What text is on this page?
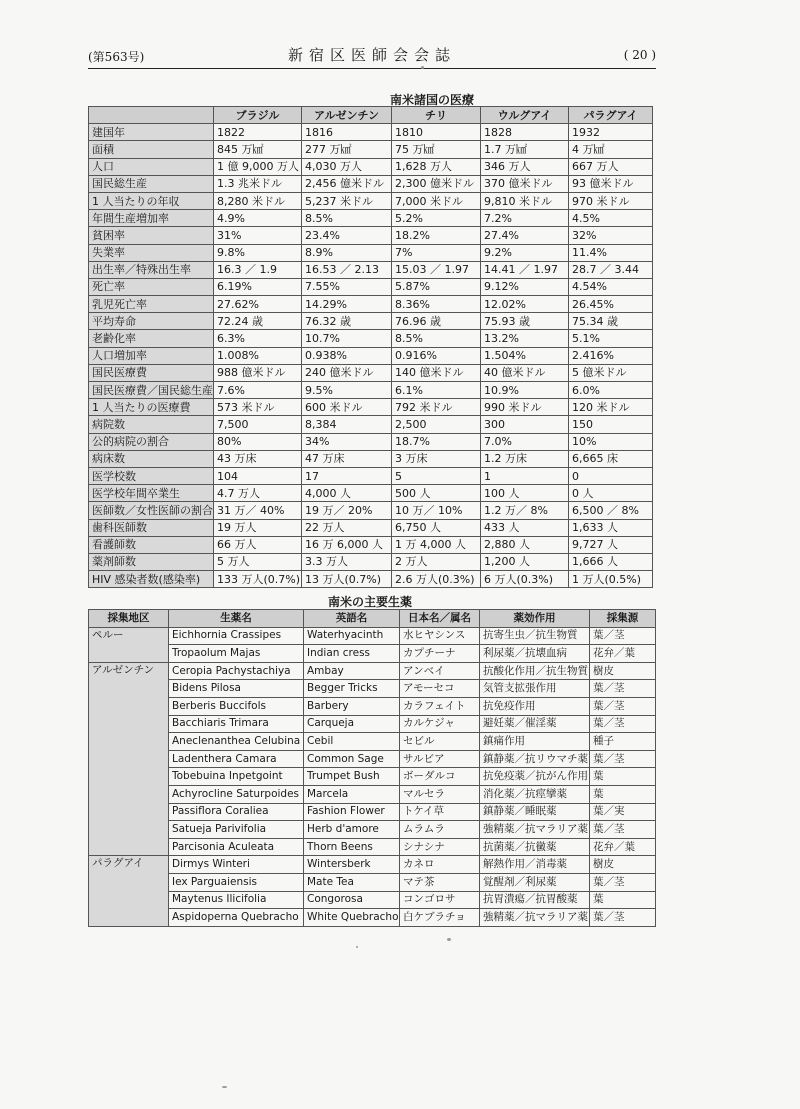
(第563号)	新宿区医師会会誌	( 20 )
南米諸国の医療
	ブラジル	アルゼンチン	チリ	ウルグアイ	パラグアイ
建国年	1822	1816	1810	1828	1932
面積	845 万㎢	277 万㎢	75 万㎢	1.7 万㎢	4 万㎢
人口	1 億 9,000 万人	4,030 万人	1,628 万人	346 万人	667 万人
国民総生産	1.3 兆米ドル	2,456 億米ドル	2,300 億米ドル	370 億米ドル	93 億米ドル
1 人当たりの年収	8,280 米ドル	5,237 米ドル	7,000 米ドル	9,810 米ドル	970 米ドル
年間生産増加率	4.9%	8.5%	5.2%	7.2%	4.5%
貧困率	31%	23.4%	18.2%	27.4%	32%
失業率	9.8%	8.9%	7%	9.2%	11.4%
出生率／特殊出生率	16.3 ／ 1.9	16.53 ／ 2.13	15.03 ／ 1.97	14.41 ／ 1.97	28.7 ／ 3.44
死亡率	6.19%	7.55%	5.87%	9.12%	4.54%
乳児死亡率	27.62%	14.29%	8.36%	12.02%	26.45%
平均寿命	72.24 歳	76.32 歳	76.96 歳	75.93 歳	75.34 歳
老齢化率	6.3%	10.7%	8.5%	13.2%	5.1%
人口増加率	1.008%	0.938%	0.916%	1.504%	2.416%
国民医療費	988 億米ドル	240 億米ドル	140 億米ドル	40 億米ドル	5 億米ドル
国民医療費／国民総生産	7.6%	9.5%	6.1%	10.9%	6.0%
1 人当たりの医療費	573 米ドル	600 米ドル	792 米ドル	990 米ドル	120 米ドル
病院数	7,500	8,384	2,500	300	150
公的病院の割合	80%	34%	18.7%	7.0%	10%
病床数	43 万床	47 万床	3 万床	1.2 万床	6,665 床
医学校数	104	17	5	1	0
医学校年間卒業生	4.7 万人	4,000 人	500 人	100 人	0 人
医師数／女性医師の割合	31 万／ 40%	19 万／ 20%	10 万／ 10%	1.2 万／ 8%	6,500 ／ 8%
歯科医師数	19 万人	22 万人	6,750 人	433 人	1,633 人
看護師数	66 万人	16 万 6,000 人	1 万 4,000 人	2,880 人	9,727 人
薬剤師数	5 万人	3.3 万人	2 万人	1,200 人	1,666 人
HIV 感染者数(感染率)	133 万人(0.7%)	13 万人(0.7%)	2.6 万人(0.3%)	6 万人(0.3%)	1 万人(0.5%)
南米の主要生薬
採集地区	生薬名	英語名	日本名／属名	薬効作用	採集源
ペルー	Eichhornia Crassipes	Waterhyacinth	水ヒヤシンス	抗寄生虫／抗生物質	葉／茎
	Tropaolum Majas	Indian cress	カプチーナ	利尿薬／抗壊血病	花弁／葉
アルゼンチン	Ceropia Pachystachiya	Ambay	アンベイ	抗酸化作用／抗生物質	樹皮
	Bidens Pilosa	Begger Tricks	アモーセコ	気管支拡張作用	葉／茎
	Berberis Buccifols	Barbery	カラフェイト	抗免疫作用	葉／茎
	Bacchiaris Trimara	Carqueja	カルケジャ	避妊薬／催淫薬	葉／茎
	Aneclenanthea Celubina	Cebil	セビル	鎮痛作用	種子
	Ladenthera Camara	Common Sage	サルビア	鎮静薬／抗リウマチ薬	葉／茎
	Tobebuina Inpetgoint	Trumpet Bush	ボーダルコ	抗免疫薬／抗がん作用	葉
	Achyrocline Saturpoides	Marcela	マルセラ	消化薬／抗痙攣薬	葉
	Passiflora Coraliea	Fashion Flower	トケイ草	鎮静薬／睡眠薬	葉／実
	Satueja Parivifolia	Herb d'amore	ムラムラ	強精薬／抗マラリア薬	葉／茎
	Parcisonia Aculeata	Thorn Beens	シナシナ	抗菌薬／抗黴薬	花弁／葉
パラグアイ	Dirmys Winteri	Wintersberk	カネロ	解熱作用／消毒薬	樹皮
	Iex Parguaiensis	Mate Tea	マテ茶	覚醒剤／利尿薬	葉／茎
	Maytenus Ilicifolia	Congorosa	コンゴロサ	抗胃潰瘍／抗胃酸薬	葉
	Aspidoperna Quebracho	White Quebracho	白ケブラチョ	強精薬／抗マラリア薬	葉／茎
